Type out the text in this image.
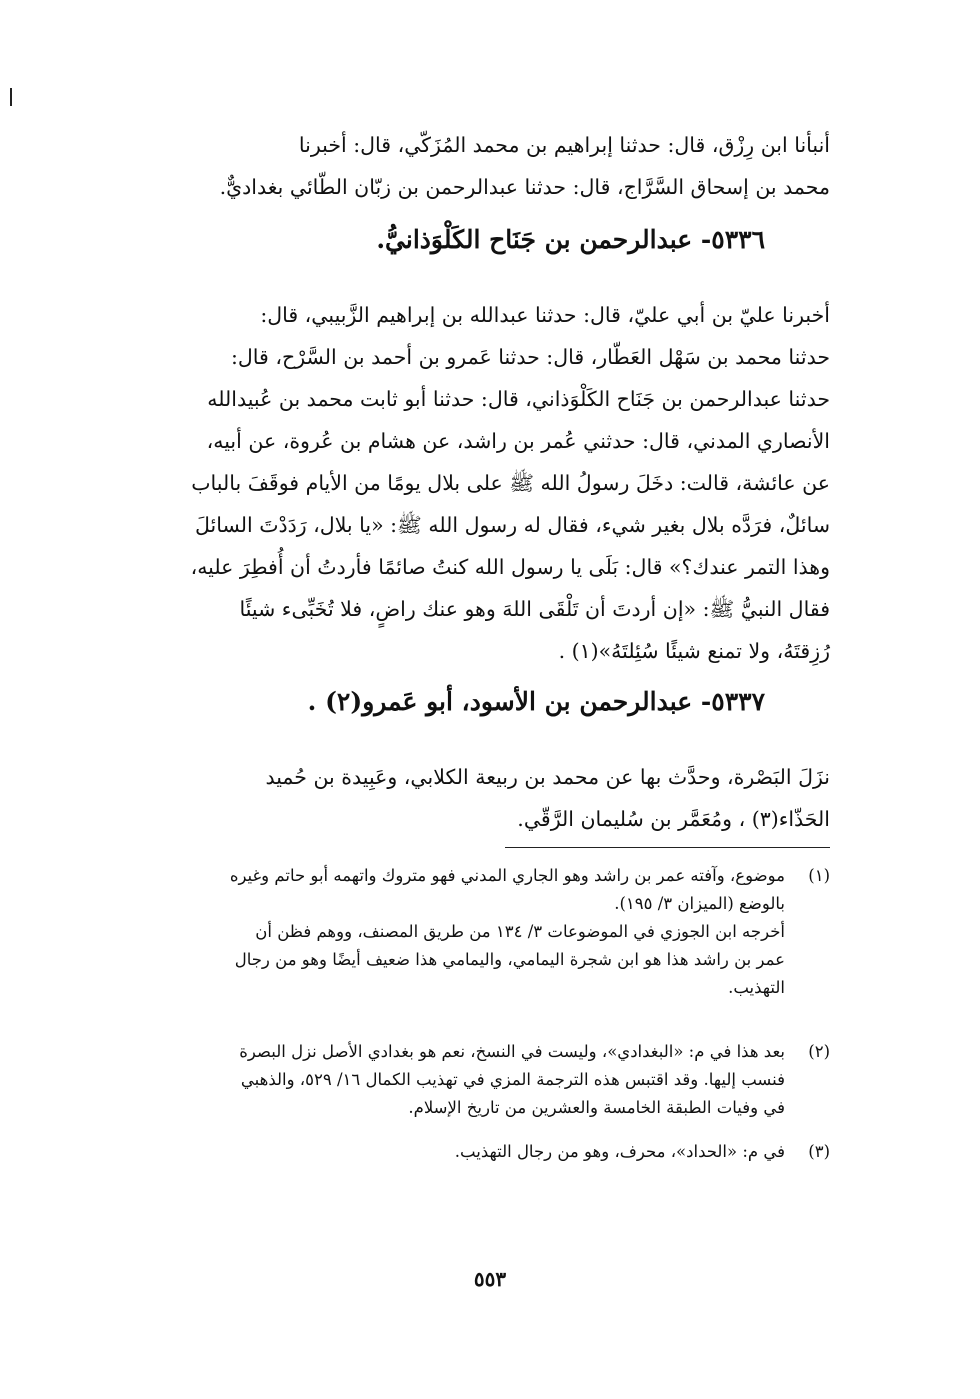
أنبأنا ابن رِزْق، قال: حدثنا إبراهيم بن محمد المُزَكّي، قال: أخبرنا
محمد بن إسحاق السَّرَّاج، قال: حدثنا عبدالرحمن بن زبّان الطّائي بغداديٌّ.
٥٣٣٦- عبدالرحمن بن جَنَاح الكَلْوَذانيُّ.
أخبرنا عليّ بن أبي عليّ، قال: حدثنا عبدالله بن إبراهيم الزَّبيبي، قال:
حدثنا محمد بن سَهْل العَطّار، قال: حدثنا عَمرو بن أحمد بن السَّرْح، قال:
حدثنا عبدالرحمن بن جَنَاح الكَلْوَذاني، قال: حدثنا أبو ثابت محمد بن عُبيدالله
الأنصاري المدني، قال: حدثني عُمر بن راشد، عن هشام بن عُروة، عن أبيه،
عن عائشة، قالت: دخَلَ رسولُ الله ﷺ على بلال يومًا من الأيام فوقَفَ بالباب
سائلٌ، فرَدَّه بلال بغير شيء، فقال له رسول الله ﷺ: «يا بلال، رَدَدْتَ السائلَ
وهذا التمر عندك؟» قال: بَلَى يا رسول الله كنتُ صائمًا فأردتُ أن أُفطِرَ عليه،
فقال النبيُّ ﷺ: «إن أردتَ أن تَلْقَى اللهَ وهو عنك راضٍ، فلا تُخَبِّىء شيئًا
رُزِقتَهُ، ولا تمنع شيئًا سُئِلتَهُ»(١) .
٥٣٣٧- عبدالرحمن بن الأسود، أبو عَمرو(٢) .
نزَلَ البَصْرة، وحدَّث بها عن محمد بن ربيعة الكلابي، وعَبِيدة بن حُميد
الحَذّاء(٣) ، ومُعَمَّر بن سُليمان الرَّقّي.
(١)
موضوع، وآفته عمر بن راشد وهو الجاري المدني فهو متروك واتهمه أبو حاتم وغيره
بالوضع (الميزان ٣/ ١٩٥).
أخرجه ابن الجوزي في الموضوعات ٣/ ١٣٤ من طريق المصنف، ووهم فظن أن
عمر بن راشد هذا هو ابن شجرة اليمامي، واليمامي هذا ضعيف أيضًا وهو من رجال
التهذيب.
(٢)
بعد هذا في م: «البغدادي»، وليست في النسخ، نعم هو بغدادي الأصل نزل البصرة
فنسب إليها. وقد اقتبس هذه الترجمة المزي في تهذيب الكمال ١٦/ ٥٢٩، والذهبي
في وفيات الطبقة الخامسة والعشرين من تاريخ الإسلام.
(٣)
في م: «الحداد»، محرف، وهو من رجال التهذيب.
٥٥٣
